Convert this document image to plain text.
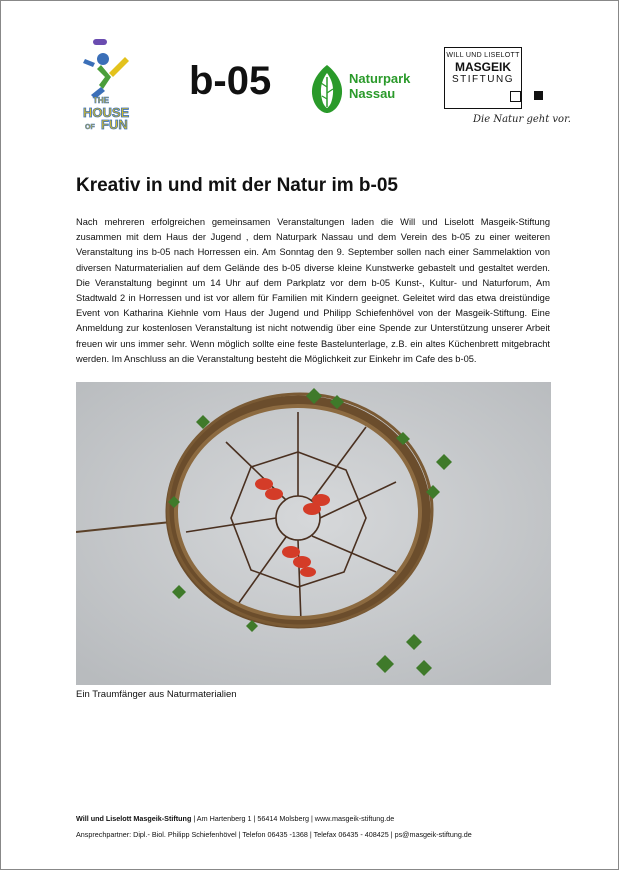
THE
HOUSE
OF FUN
b-05	Naturpark
Nassau
WILL UND LISELOTT
MASGEIK
STIFTUNG
Die Natur geht vor.
Kreativ in und mit der Natur im b-05

Nach mehreren erfolgreichen gemeinsamen Veranstaltungen laden die Will und Liselott Masgeik-Stiftung zusammen mit dem Haus der Jugend , dem Naturpark Nassau und dem Verein des b-05 zu einer weiteren Veranstaltung ins b-05 nach Horressen ein. Am Sonntag den 9. September sollen nach einer Sammelaktion von diversen Naturmaterialien auf dem Gelände des b-05 diverse kleine Kunstwerke gebastelt und gestaltet werden. Die Veranstaltung beginnt um 14 Uhr auf dem Parkplatz vor dem b-05 Kunst-, Kultur- und Naturforum, Am Stadtwald 2 in Horressen und ist vor allem für Familien mit Kindern geeignet. Geleitet wird das etwa dreistündige Event von Katharina Kiehnle vom Haus der Jugend und Philipp Schiefenhövel von der Masgeik-Stiftung. Eine Anmeldung zur kostenlosen Veranstaltung ist nicht notwendig über eine Spende zur Unterstützung unserer Arbeit freuen wir uns immer sehr. Wenn möglich sollte eine feste Bastelunterlage, z.B. ein altes Küchenbrett mitgebracht werden. Im Anschluss an die Veranstaltung besteht die Möglichkeit zur Einkehr im Cafe des b-05.

Ein Traumfänger aus Naturmaterialien
Will und Liselott Masgeik-Stiftung | Am Hartenberg 1 | 56414 Molsberg | www.masgeik-stiftung.de
Ansprechpartner: Dipl.- Biol. Philipp Schiefenhövel | Telefon 06435 -1368 | Telefax 06435 - 408425 | ps@masgeik-stiftung.de
